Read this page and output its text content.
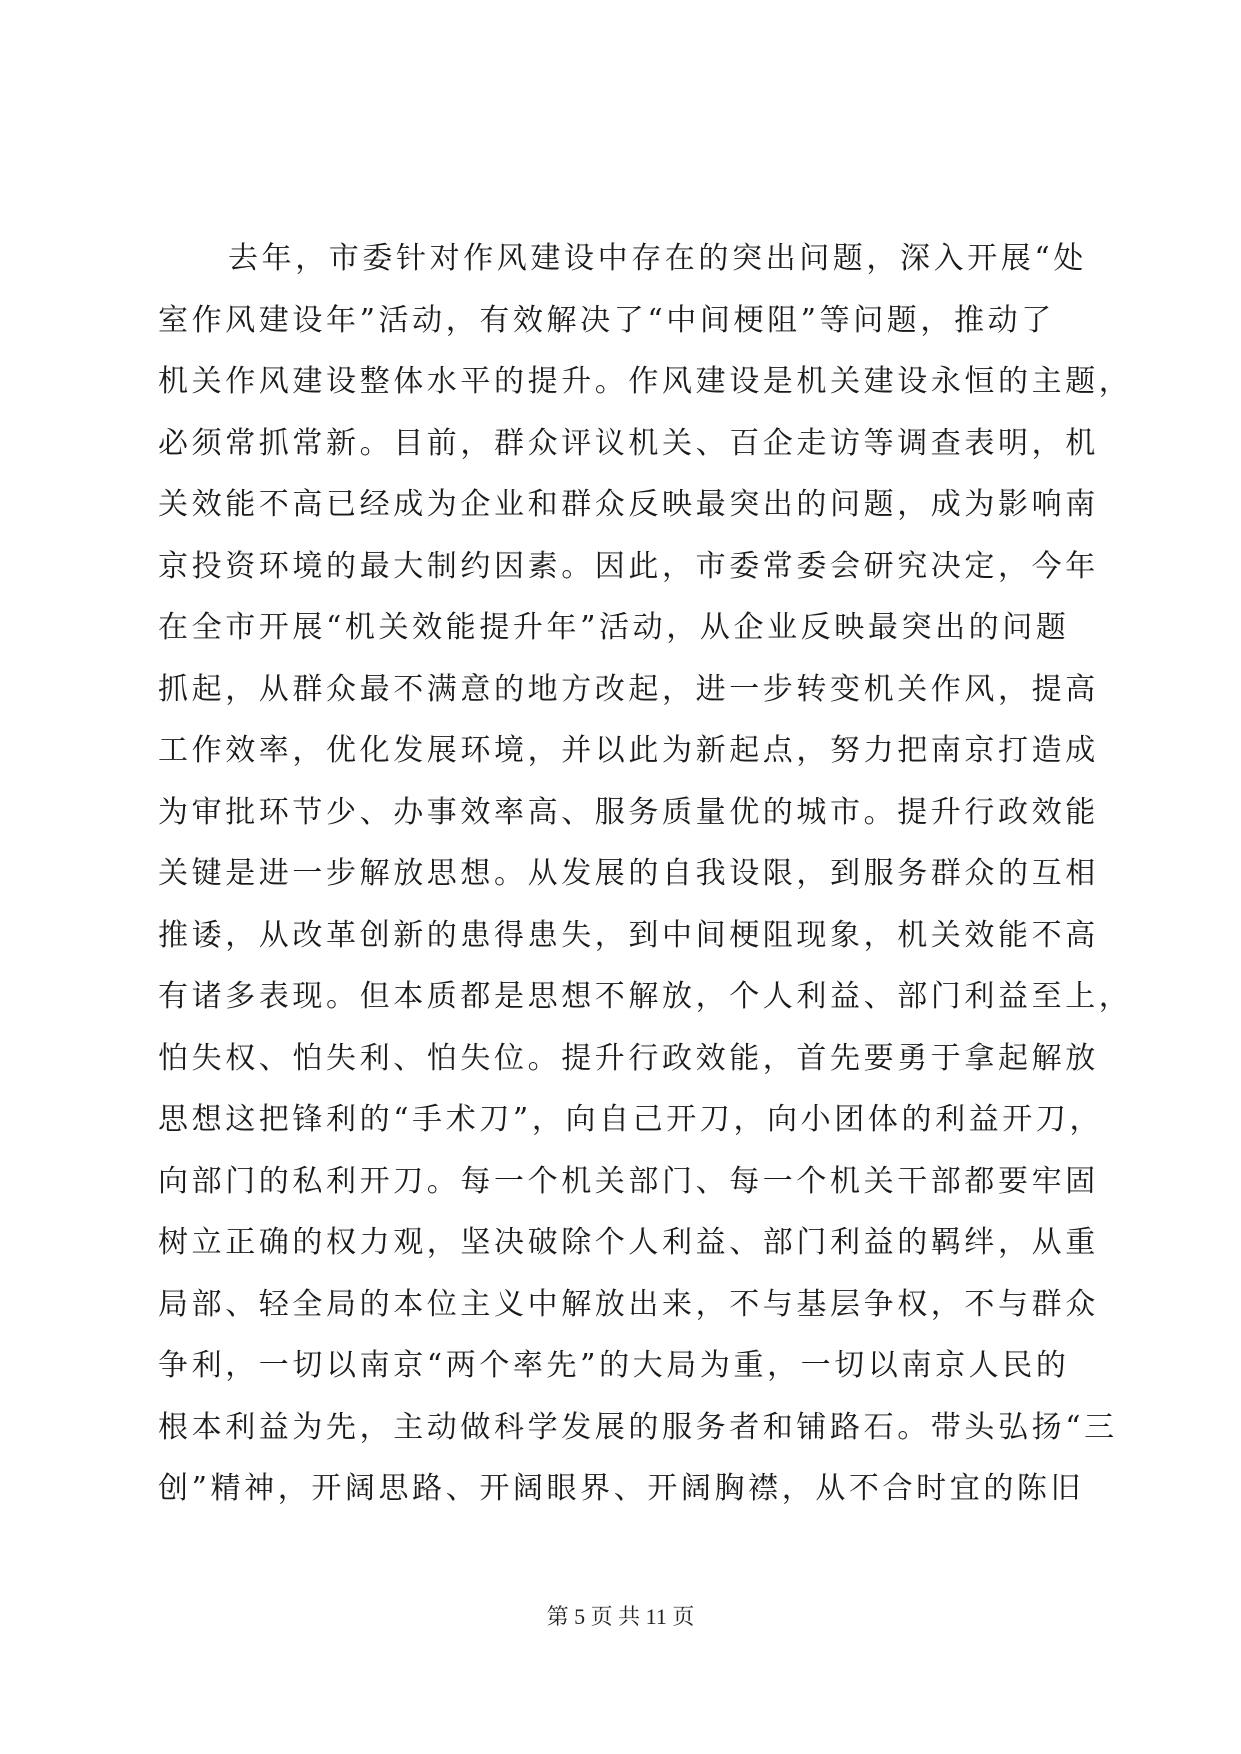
去年，市委针对作风建设中存在的突出问题，深入开展“处
室作风建设年”活动，有效解决了“中间梗阻”等问题，推动了
机关作风建设整体水平的提升。作风建设是机关建设永恒的主题，
必须常抓常新。目前，群众评议机关、百企走访等调查表明，机
关效能不高已经成为企业和群众反映最突出的问题，成为影响南
京投资环境的最大制约因素。因此，市委常委会研究决定，今年
在全市开展“机关效能提升年”活动，从企业反映最突出的问题
抓起，从群众最不满意的地方改起，进一步转变机关作风，提高
工作效率，优化发展环境，并以此为新起点，努力把南京打造成
为审批环节少、办事效率高、服务质量优的城市。提升行政效能
关键是进一步解放思想。从发展的自我设限，到服务群众的互相
推诿，从改革创新的患得患失，到中间梗阻现象，机关效能不高
有诸多表现。但本质都是思想不解放，个人利益、部门利益至上，
怕失权、怕失利、怕失位。提升行政效能，首先要勇于拿起解放
思想这把锋利的“手术刀”，向自己开刀，向小团体的利益开刀，
向部门的私利开刀。每一个机关部门、每一个机关干部都要牢固
树立正确的权力观，坚决破除个人利益、部门利益的羁绊，从重
局部、轻全局的本位主义中解放出来，不与基层争权，不与群众
争利，一切以南京“两个率先”的大局为重，一切以南京人民的
根本利益为先，主动做科学发展的服务者和铺路石。带头弘扬“三
创”精神，开阔思路、开阔眼界、开阔胸襟，从不合时宜的陈旧
第 5 页 共 11 页
